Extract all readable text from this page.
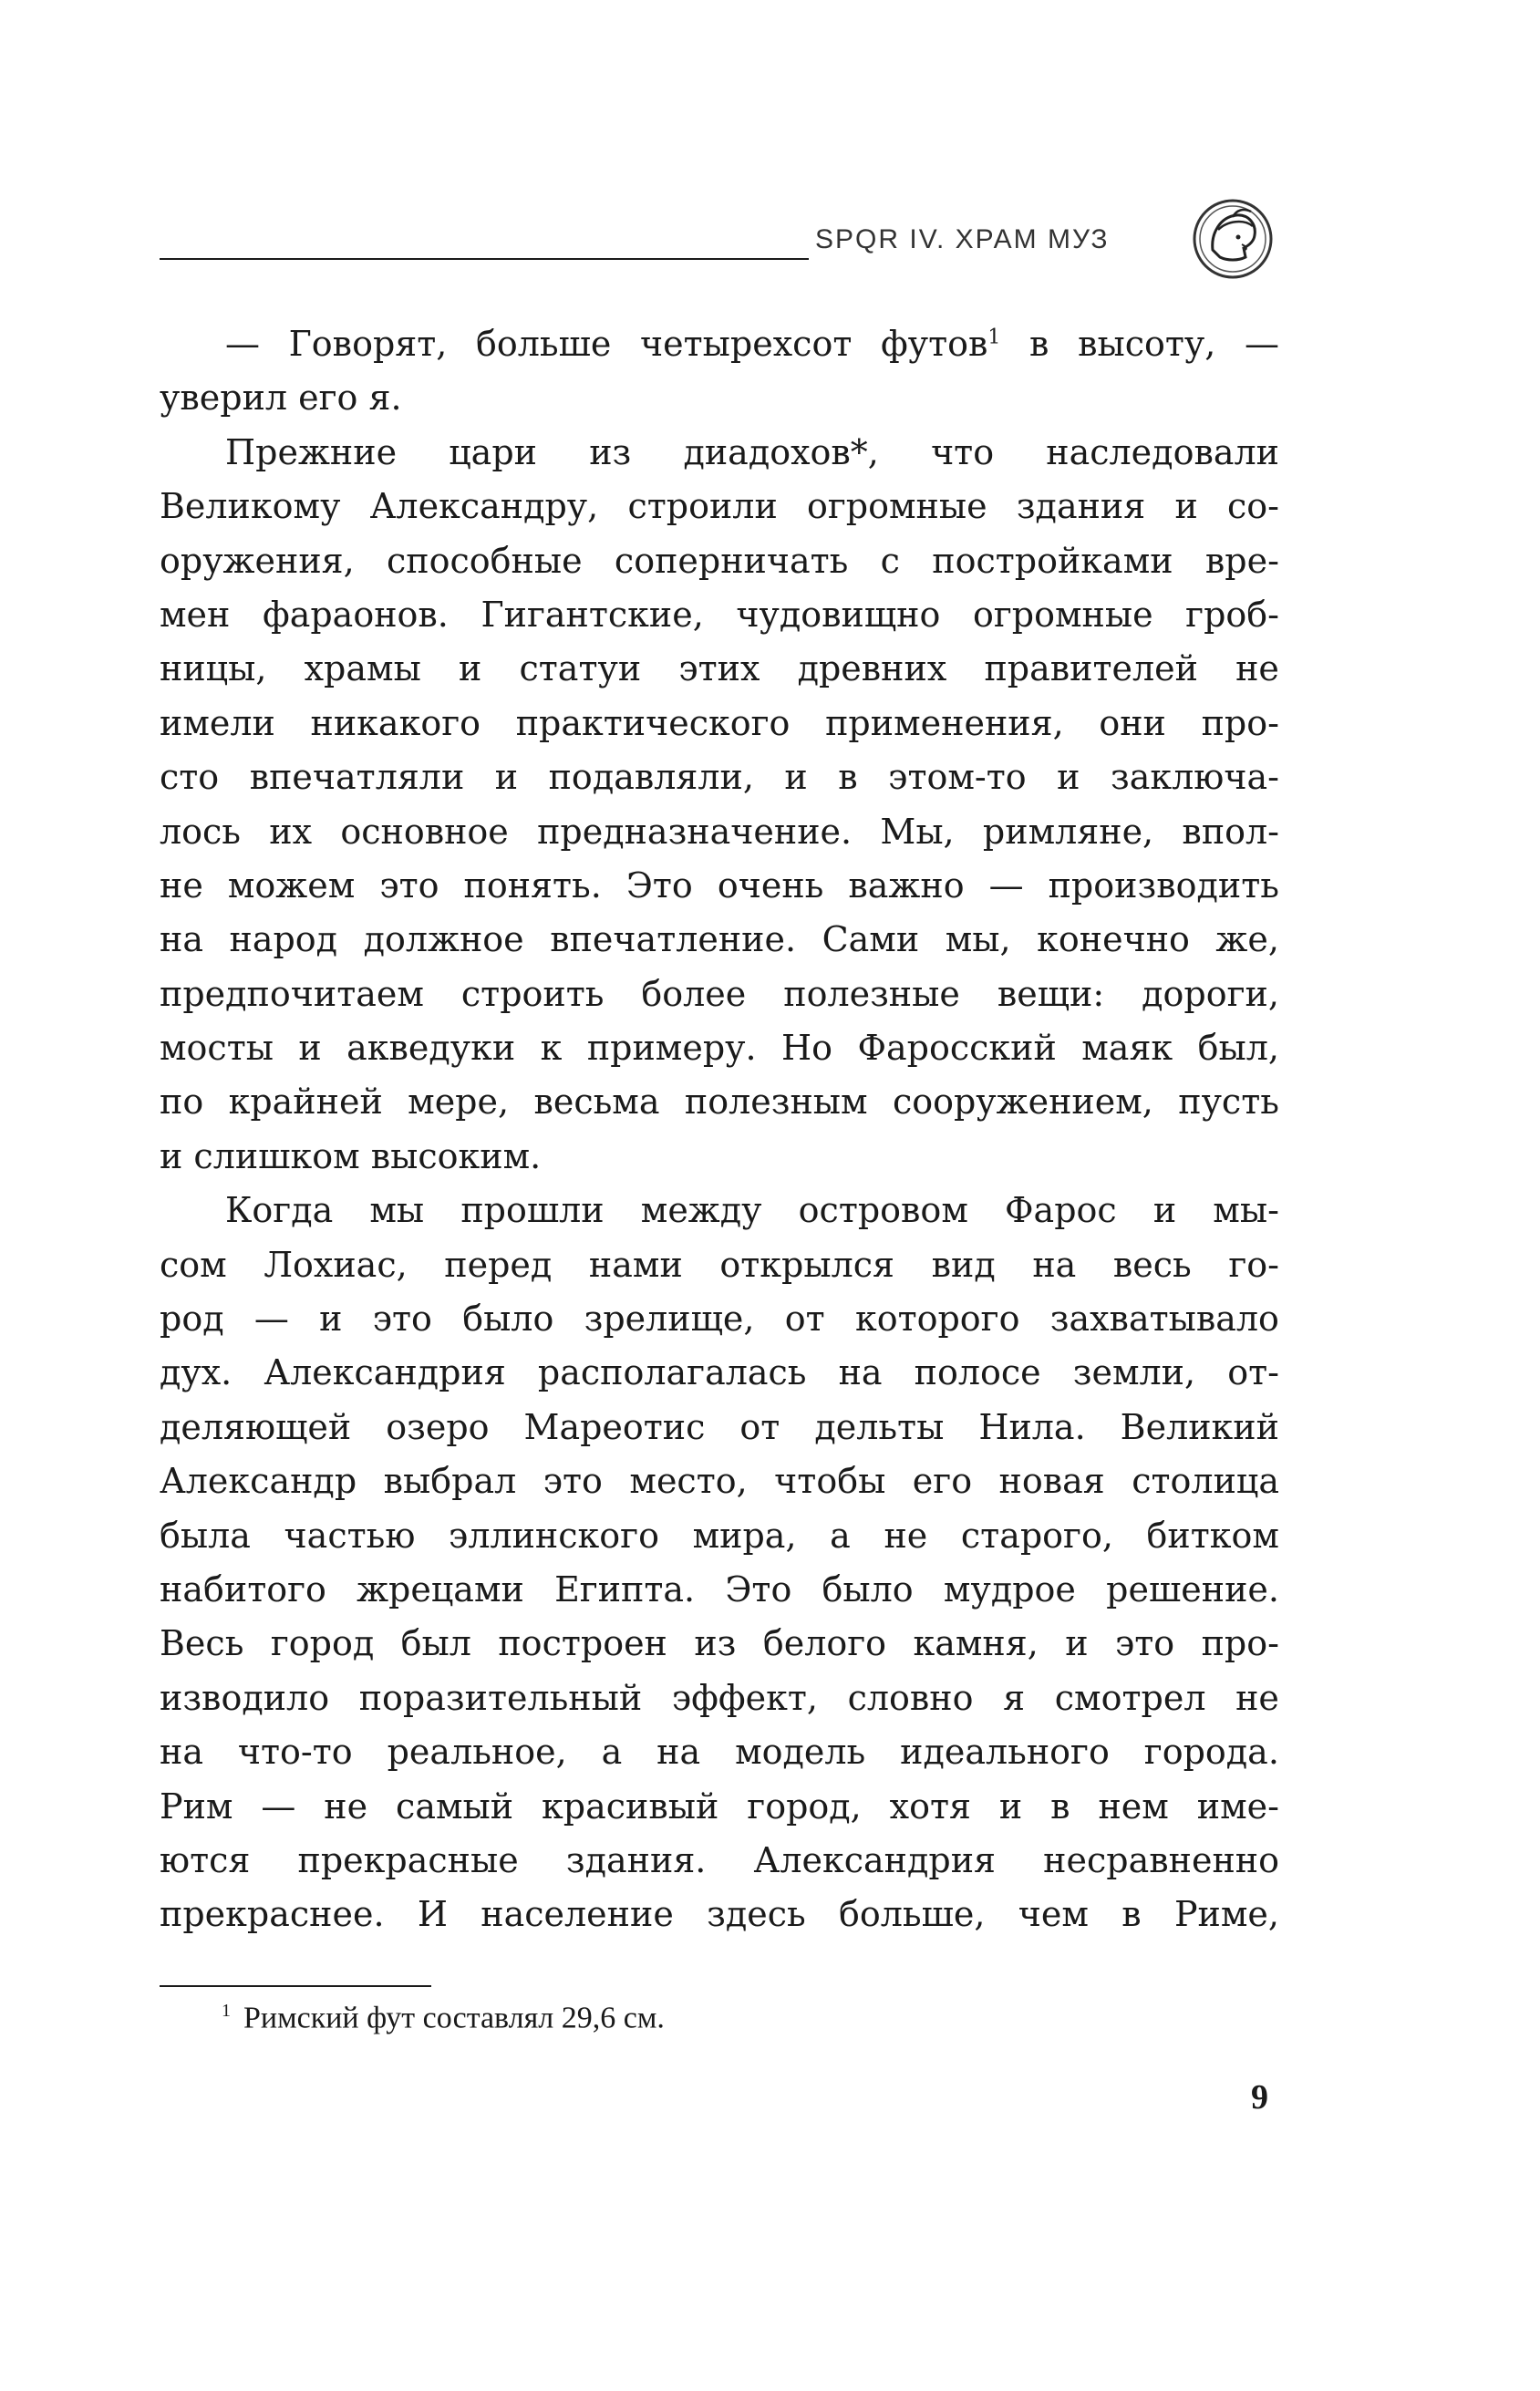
SPQR IV. ХРАМ МУЗ
— Говорят, больше четырехсот футов$^1$ в высоту, —
уверил его я.
Прежние цари из диадохов*, что наследовали
Великому Александру, строили огромные здания и со-
оружения, способные соперничать с постройками вре-
мен фараонов. Гигантские, чудовищно огромные гроб-
ницы, храмы и статуи этих древних правителей не
имели никакого практического применения, они про-
сто впечатляли и подавляли, и в этом-то и заключа-
лось их основное предназначение. Мы, римляне, впол-
не можем это понять. Это очень важно — производить
на народ должное впечатление. Сами мы, конечно же,
предпочитаем строить более полезные вещи: дороги,
мосты и акведуки к примеру. Но Фаросский маяк был,
по крайней мере, весьма полезным сооружением, пусть
и слишком высоким.
Когда мы прошли между островом Фарос и мы-
сом Лохиас, перед нами открылся вид на весь го-
род — и это было зрелище, от которого захватывало
дух. Александрия располагалась на полосе земли, от-
деляющей озеро Мареотис от дельты Нила. Великий
Александр выбрал это место, чтобы его новая столица
была частью эллинского мира, а не старого, битком
набитого жрецами Египта. Это было мудрое решение.
Весь город был построен из белого камня, и это про-
изводило поразительный эффект, словно я смотрел не
на что-то реальное, а на модель идеального города.
Рим — не самый красивый город, хотя и в нем име-
ются прекрасные здания. Александрия несравненно
прекраснее. И население здесь больше, чем в Риме,
$^1$ Римский фут составлял 29,6 см.
9
